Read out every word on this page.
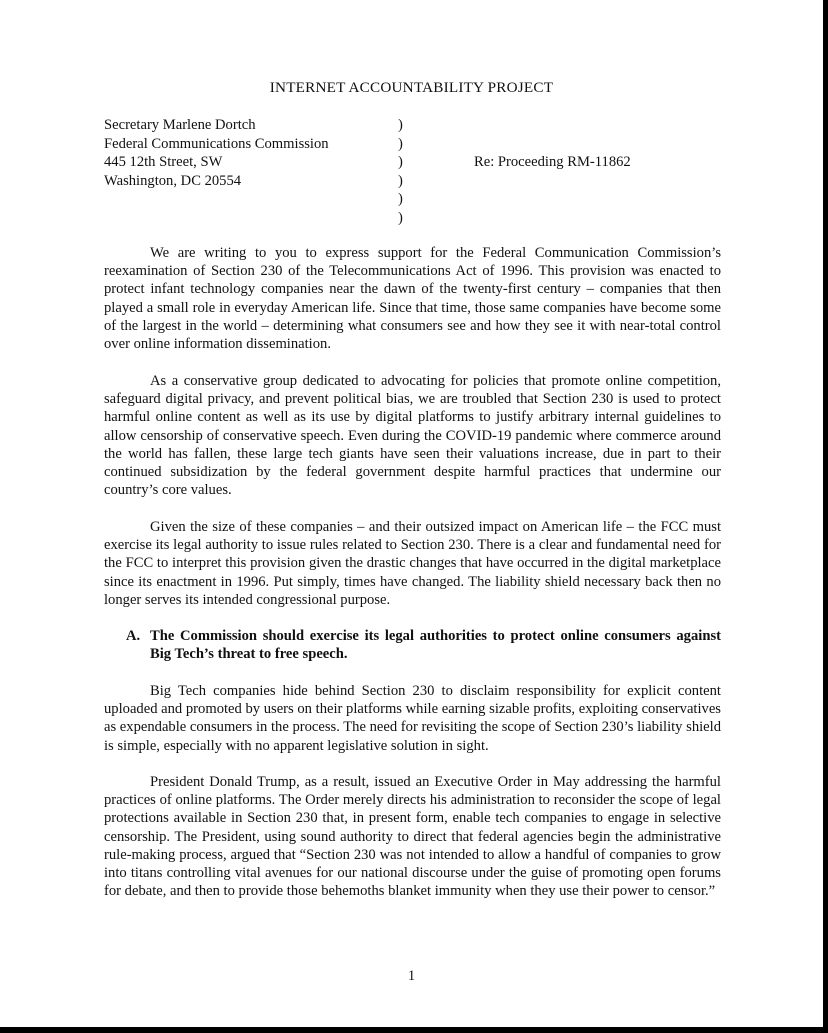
INTERNET ACCOUNTABILITY PROJECT
Secretary Marlene Dortch
Federal Communications Commission
445 12th Street, SW
Washington, DC 20554
)
)
)
)
)
)
Re: Proceeding RM-11862

We are writing to you to express support for the Federal Communication Commission’s reexamination of Section 230 of the Telecommunications Act of 1996. This provision was enacted to protect infant technology companies near the dawn of the twenty-first century – companies that then played a small role in everyday American life. Since that time, those same companies have become some of the largest in the world – determining what consumers see and how they see it with near-total control over online information dissemination.

As a conservative group dedicated to advocating for policies that promote online competition, safeguard digital privacy, and prevent political bias, we are troubled that Section 230 is used to protect harmful online content as well as its use by digital platforms to justify arbitrary internal guidelines to allow censorship of conservative speech. Even during the COVID-19 pandemic where commerce around the world has fallen, these large tech giants have seen their valuations increase, due in part to their continued subsidization by the federal government despite harmful practices that undermine our country’s core values.

Given the size of these companies – and their outsized impact on American life – the FCC must exercise its legal authority to issue rules related to Section 230. There is a clear and fundamental need for the FCC to interpret this provision given the drastic changes that have occurred in the digital marketplace since its enactment in 1996. Put simply, times have changed. The liability shield necessary back then no longer serves its intended congressional purpose.

A. The Commission should exercise its legal authorities to protect online consumers against Big Tech’s threat to free speech.

Big Tech companies hide behind Section 230 to disclaim responsibility for explicit content uploaded and promoted by users on their platforms while earning sizable profits, exploiting conservatives as expendable consumers in the process. The need for revisiting the scope of Section 230’s liability shield is simple, especially with no apparent legislative solution in sight.

President Donald Trump, as a result, issued an Executive Order in May addressing the harmful practices of online platforms. The Order merely directs his administration to reconsider the scope of legal protections available in Section 230 that, in present form, enable tech companies to engage in selective censorship. The President, using sound authority to direct that federal agencies begin the administrative rule-making process, argued that “Section 230 was not intended to allow a handful of companies to grow into titans controlling vital avenues for our national discourse under the guise of promoting open forums for debate, and then to provide those behemoths blanket immunity when they use their power to censor.”

1
